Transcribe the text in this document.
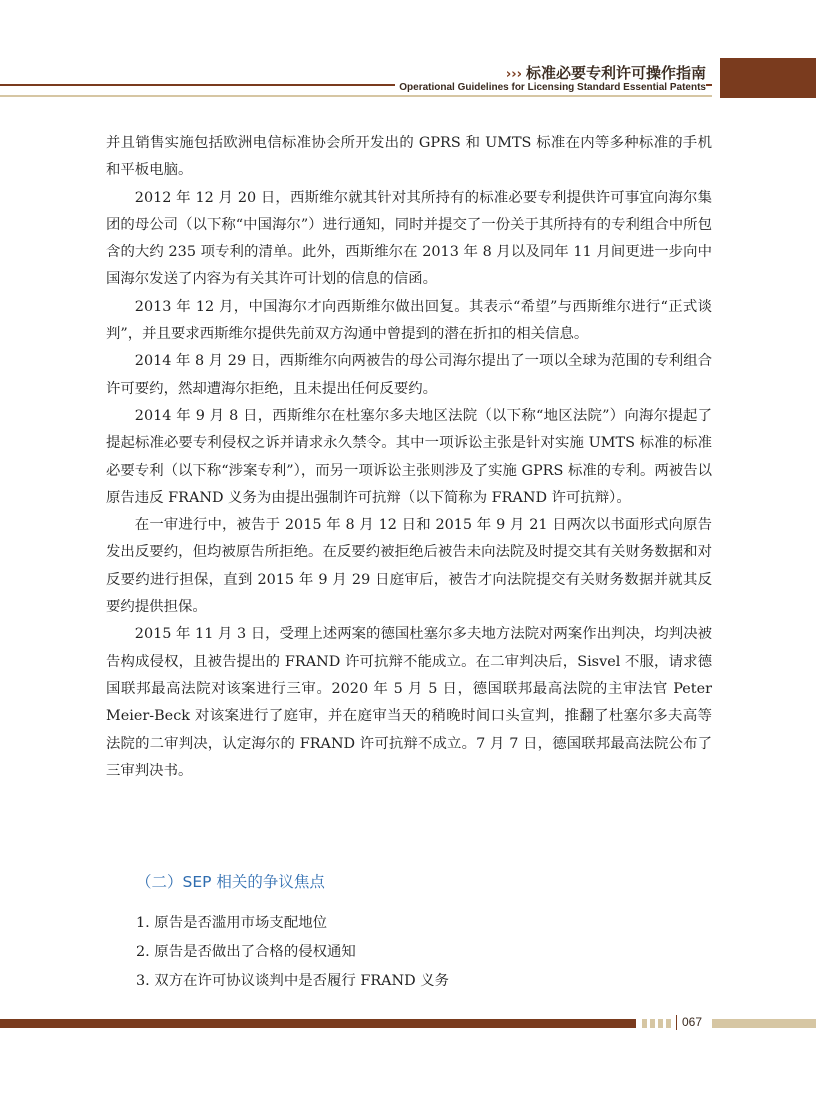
››› 标准必要专利许可操作指南
Operational Guidelines for Licensing Standard Essential Patents

并且销售实施包括欧洲电信标准协会所开发出的 GPRS 和 UMTS 标准在内等多种标准的手机和平板电脑。

2012 年 12 月 20 日，西斯维尔就其针对其所持有的标准必要专利提供许可事宜向海尔集团的母公司（以下称“中国海尔”）进行通知，同时并提交了一份关于其所持有的专利组合中所包含的大约 235 项专利的清单。此外，西斯维尔在 2013 年 8 月以及同年 11 月间更进一步向中国海尔发送了内容为有关其许可计划的信息的信函。

2013 年 12 月，中国海尔才向西斯维尔做出回复。其表示“希望”与西斯维尔进行“正式谈判”，并且要求西斯维尔提供先前双方沟通中曾提到的潜在折扣的相关信息。

2014 年 8 月 29 日，西斯维尔向两被告的母公司海尔提出了一项以全球为范围的专利组合许可要约，然却遭海尔拒绝，且未提出任何反要约。

2014 年 9 月 8 日，西斯维尔在杜塞尔多夫地区法院（以下称“地区法院”）向海尔提起了提起标准必要专利侵权之诉并请求永久禁令。其中一项诉讼主张是针对实施 UMTS 标准的标准必要专利（以下称“涉案专利”），而另一项诉讼主张则涉及了实施 GPRS 标准的专利。两被告以原告违反 FRAND 义务为由提出强制许可抗辩（以下简称为 FRAND 许可抗辩）。

在一审进行中，被告于 2015 年 8 月 12 日和 2015 年 9 月 21 日两次以书面形式向原告发出反要约，但均被原告所拒绝。在反要约被拒绝后被告未向法院及时提交其有关财务数据和对反要约进行担保，直到 2015 年 9 月 29 日庭审后，被告才向法院提交有关财务数据并就其反要约提供担保。

2015 年 11 月 3 日，受理上述两案的德国杜塞尔多夫地方法院对两案作出判决，均判决被告构成侵权，且被告提出的 FRAND 许可抗辩不能成立。在二审判决后，Sisvel 不服，请求德国联邦最高法院对该案进行三审。2020 年 5 月 5 日，德国联邦最高法院的主审法官 Peter Meier-Beck 对该案进行了庭审，并在庭审当天的稍晚时间口头宣判，推翻了杜塞尔多夫高等法院的二审判决，认定海尔的 FRAND 许可抗辩不成立。7 月 7 日，德国联邦最高法院公布了三审判决书。

（二）SEP 相关的争议焦点
1. 原告是否滥用市场支配地位
2. 原告是否做出了合格的侵权通知
3. 双方在许可协议谈判中是否履行 FRAND 义务
067
